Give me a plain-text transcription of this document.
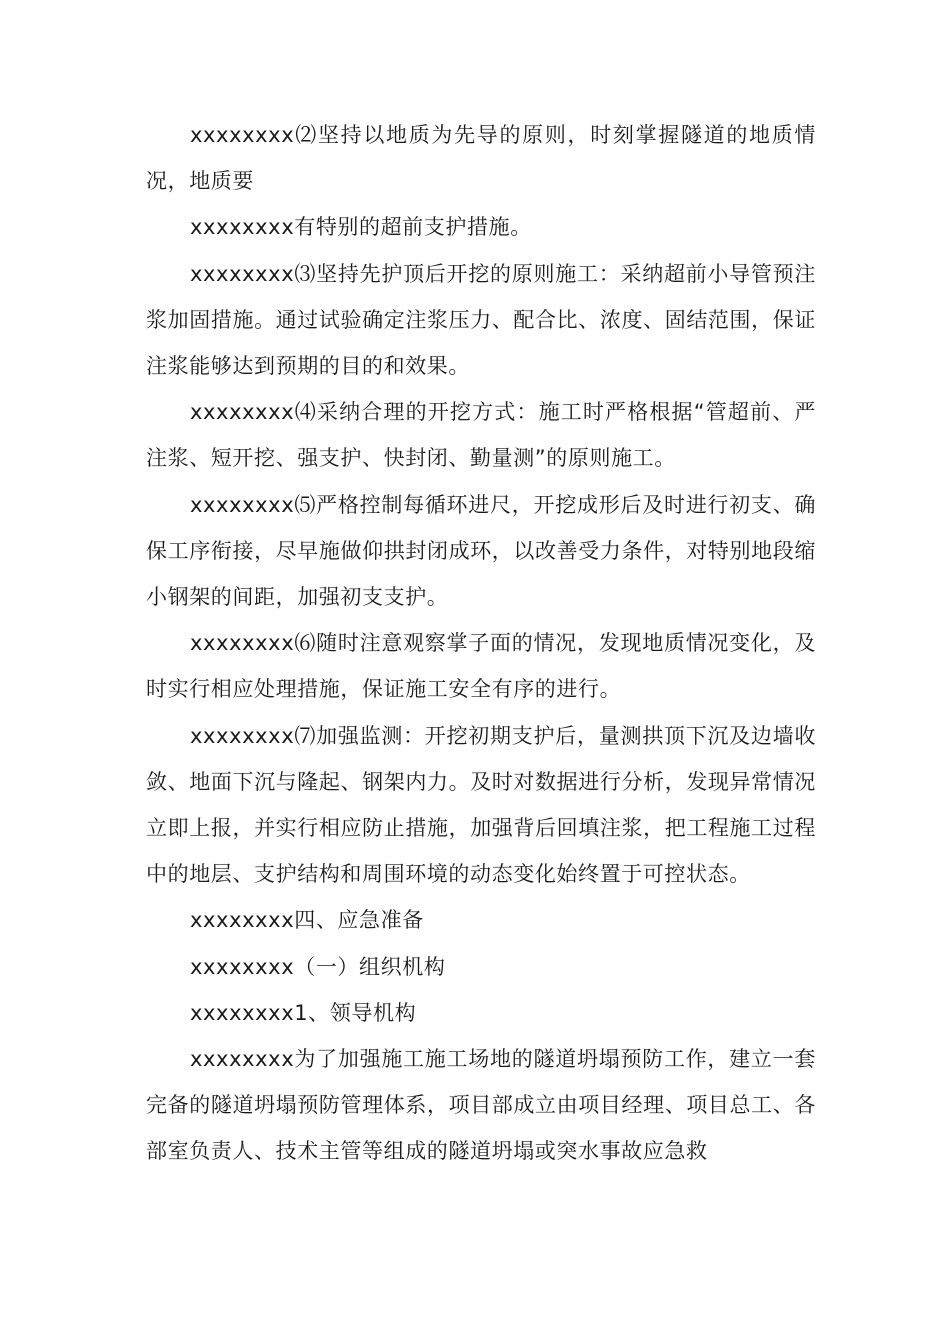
xxxxxxxx⑵坚持以地质为先导的原则，时刻掌握隧道的地质情况，地质要

xxxxxxxx有特别的超前支护措施。

xxxxxxxx⑶坚持先护顶后开挖的原则施工：采纳超前小导管预注浆加固措施。通过试验确定注浆压力、配合比、浓度、固结范围，保证注浆能够达到预期的目的和效果。

xxxxxxxx⑷采纳合理的开挖方式：施工时严格根据“管超前、严注浆、短开挖、强支护、快封闭、勤量测”的原则施工。

xxxxxxxx⑸严格控制每循环进尺，开挖成形后及时进行初支、确保工序衔接，尽早施做仰拱封闭成环，以改善受力条件，对特别地段缩小钢架的间距，加强初支支护。

xxxxxxxx⑹随时注意观察掌子面的情况，发现地质情况变化，及时实行相应处理措施，保证施工安全有序的进行。

xxxxxxxx⑺加强监测：开挖初期支护后，量测拱顶下沉及边墙收敛、地面下沉与隆起、钢架内力。及时对数据进行分析，发现异常情况立即上报，并实行相应防止措施，加强背后回填注浆，把工程施工过程中的地层、支护结构和周围环境的动态变化始终置于可控状态。

xxxxxxxx四、应急准备

xxxxxxxx（一）组织机构

xxxxxxxx1、领导机构

xxxxxxxx为了加强施工施工场地的隧道坍塌预防工作，建立一套完备的隧道坍塌预防管理体系，项目部成立由项目经理、项目总工、各部室负责人、技术主管等组成的隧道坍塌或突水事故应急救
